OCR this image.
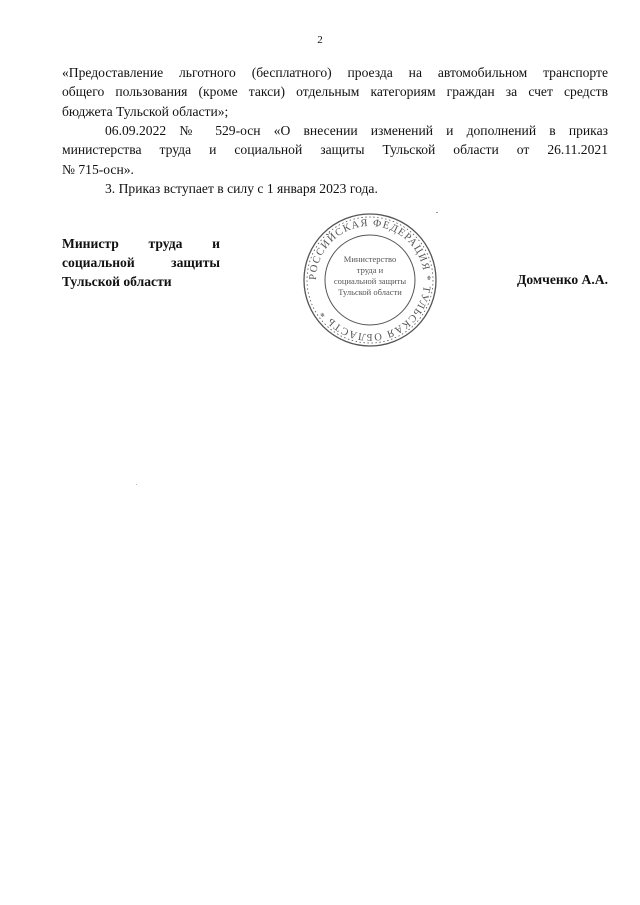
2
«Предоставление льготного (бесплатного) проезда на автомобильном транспорте
общего пользования (кроме такси) отдельным категориям граждан за счет средств
бюджета Тульской области»;
06.09.2022 № 529-осн «О внесении изменений и дополнений в приказ
министерства труда и социальной защиты Тульской области от 26.11.2021
№ 715-осн».
3. Приказ вступает в силу с 1 января 2023 года.
Министр труда и
социальной защиты
Тульской области	Домченко А.А.
РОССИЙСКАЯ ФЕДЕРАЦИЯ * ТУЛЬСКАЯ ОБЛАСТЬ *
Министерство
труда и
социальной защиты
Тульской области
